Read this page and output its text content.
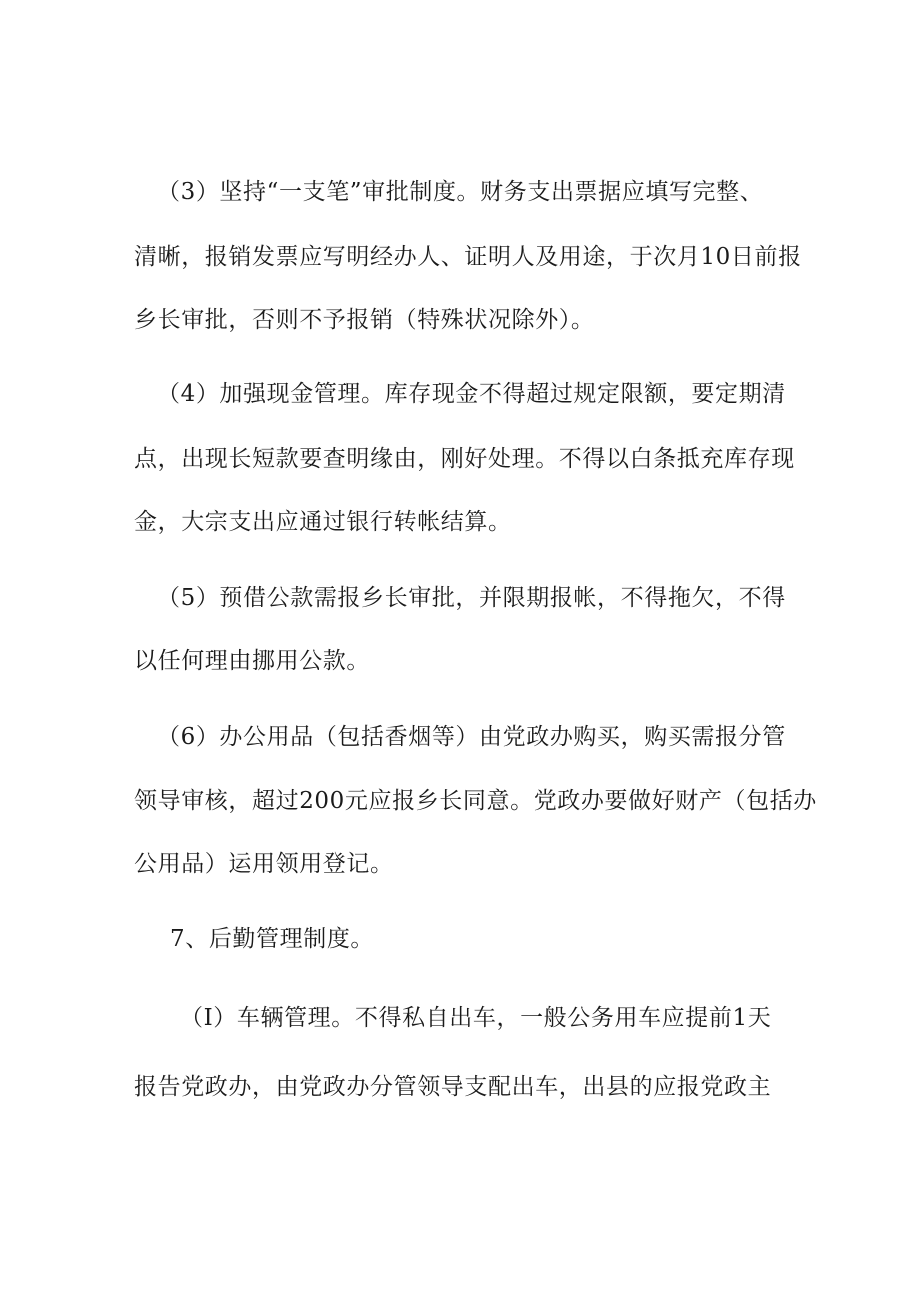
（3）坚持“一支笔”审批制度。财务支出票据应填写完整、
清晰，报销发票应写明经办人、证明人及用途，于次月10日前报
乡长审批，否则不予报销（特殊状况除外）。
（4）加强现金管理。库存现金不得超过规定限额，要定期清
点，出现长短款要查明缘由，刚好处理。不得以白条抵充库存现
金，大宗支出应通过银行转帐结算。
（5）预借公款需报乡长审批，并限期报帐，不得拖欠，不得
以任何理由挪用公款。
（6）办公用品（包括香烟等）由党政办购买，购买需报分管
领导审核，超过200元应报乡长同意。党政办要做好财产（包括办
公用品）运用领用登记。
7、后勤管理制度。
（I）车辆管理。不得私自出车，一般公务用车应提前1天
报告党政办，由党政办分管领导支配出车，出县的应报党政主
